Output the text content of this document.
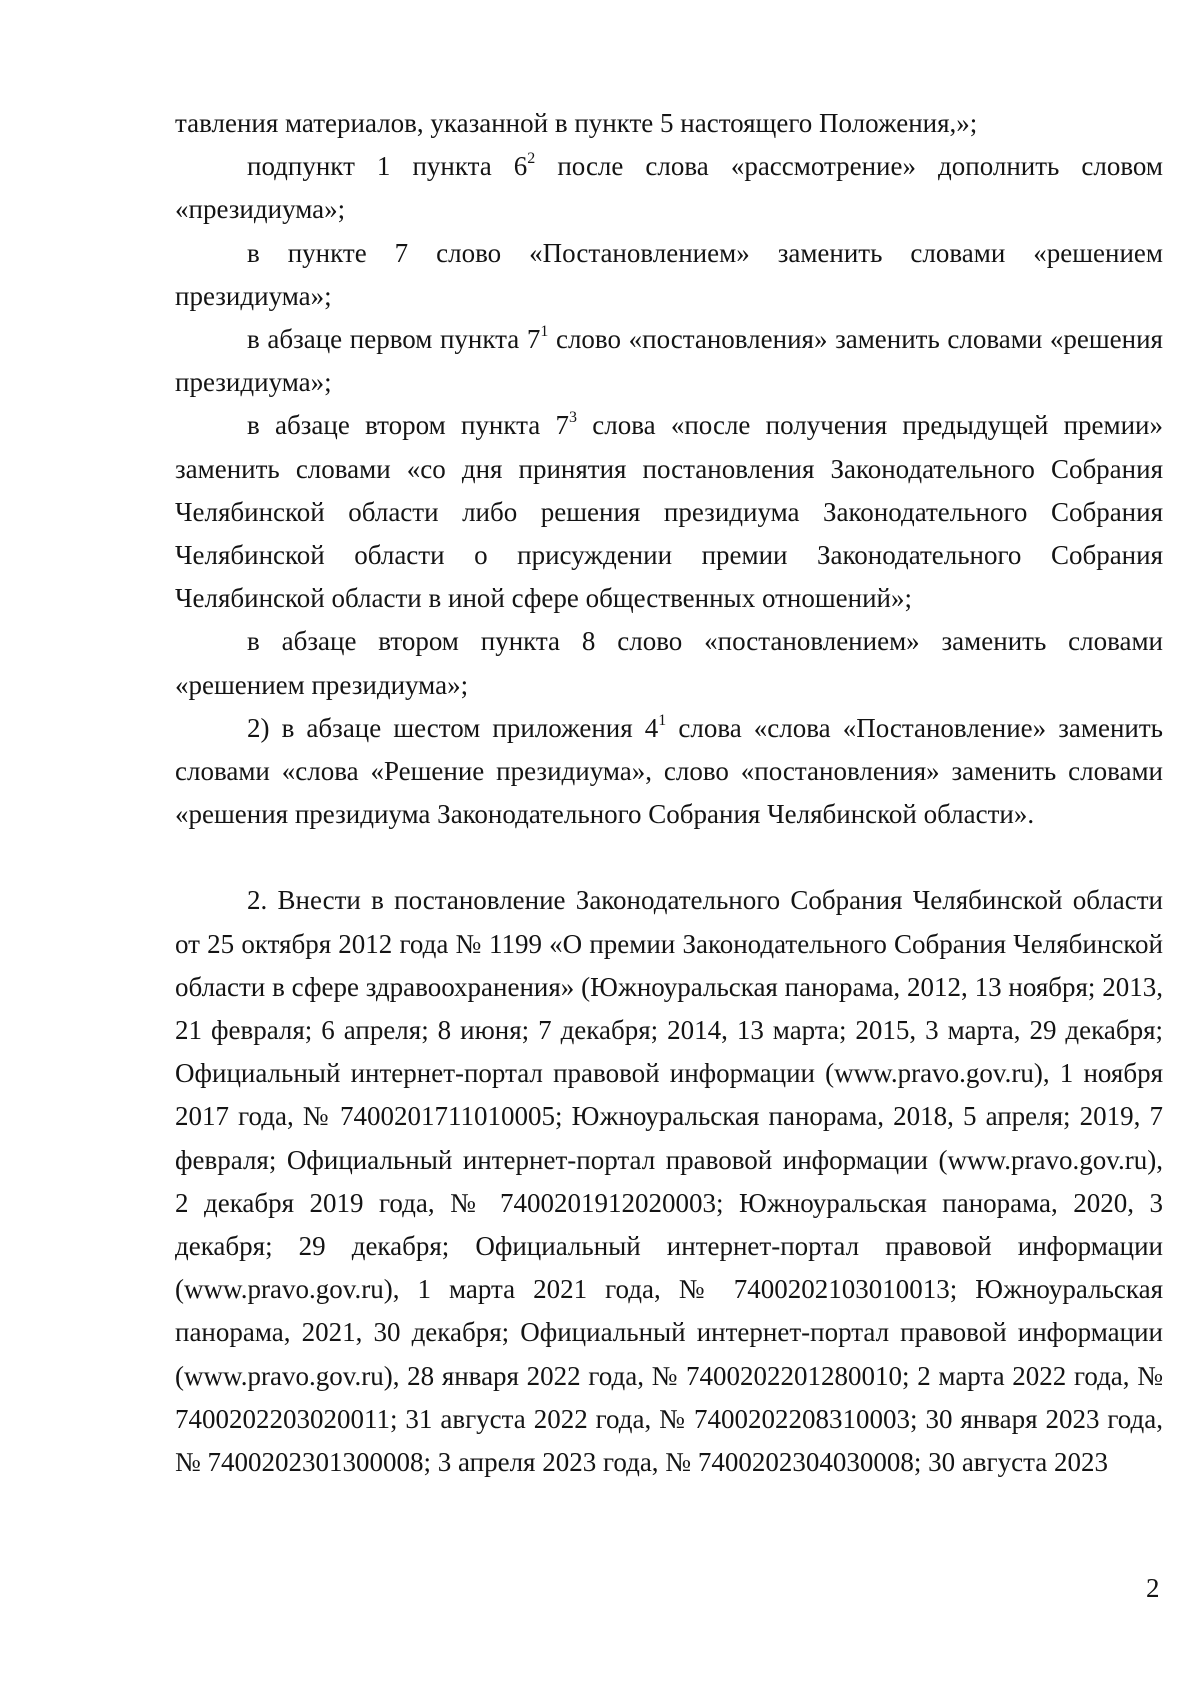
тавления материалов, указанной в пункте 5 настоящего Положения,»;

подпункт 1 пункта $6^2$ после слова «рассмотрение» дополнить словом «президиума»;

в пункте 7 слово «Постановлением» заменить словами «решением президиума»;

в абзаце первом пункта $7^1$ слово «постановления» заменить словами «решения президиума»;

в абзаце втором пункта $7^3$ слова «после получения предыдущей премии» заменить словами «со дня принятия постановления Законодательного Собрания Челябинской области либо решения президиума Законодательного Собрания Челябинской области о присуждении премии Законодательного Собрания Челябинской области в иной сфере общественных отношений»;

в абзаце втором пункта 8 слово «постановлением» заменить словами «решением президиума»;

2) в абзаце шестом приложения $4^1$ слова «слова «Постановление» заменить словами «слова «Решение президиума», слово «постановления» заменить словами «решения президиума Законодательного Собрания Челябинской области».

2. Внести в постановление Законодательного Собрания Челябинской области от 25 октября 2012 года № 1199 «О премии Законодательного Собрания Челябинской области в сфере здравоохранения» (Южноуральская панорама, 2012, 13 ноября; 2013, 21 февраля; 6 апреля; 8 июня; 7 декабря; 2014, 13 марта; 2015, 3 марта, 29 декабря; Официальный интернет-портал правовой информации (www.pravo.gov.ru), 1 ноября 2017 года, № 7400201711010005; Южноуральская панорама, 2018, 5 апреля; 2019, 7 февраля; Официальный интернет-портал правовой информации (www.pravo.gov.ru), 2 декабря 2019 года, № 7400201912020003; Южноуральская панорама, 2020, 3 декабря; 29 декабря; Официальный интернет-портал правовой информации (www.pravo.gov.ru), 1 марта 2021 года, № 7400202103010013; Южноуральская панорама, 2021, 30 декабря; Официальный интернет-портал правовой информации (www.pravo.gov.ru), 28 января 2022 года, № 7400202201280010; 2 марта 2022 года, № 7400202203020011; 31 августа 2022 года, № 7400202208310003; 30 января 2023 года, № 7400202301300008; 3 апреля 2023 года, № 7400202304030008; 30 августа 2023

2
